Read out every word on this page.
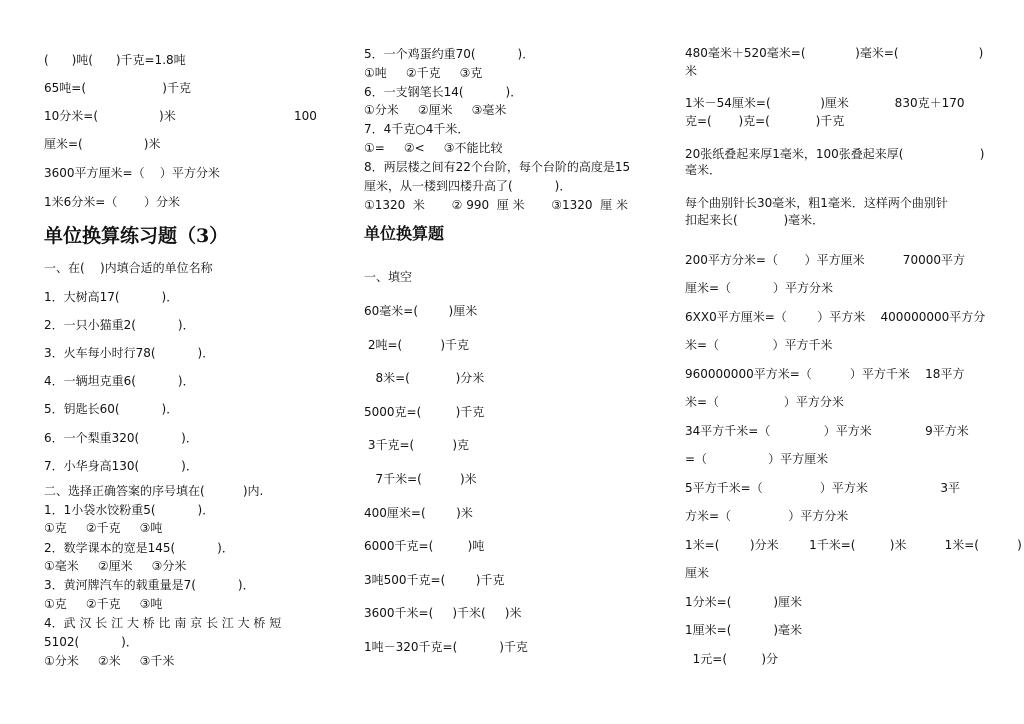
(      )吨(      )千克=1.8吨
65吨=(                    )千克
10分米=(                )米                               100
厘米=(                )米
3600平方厘米=（    ）平方分米
1米6分米=（       ）分米
单位换算练习题（3）
一、在(    )内填合适的单位名称
1．大树高17(           )．
2．一只小猫重2(           )．
3．火车每小时行78(           )．
4．一辆坦克重6(           )．
5．钥匙长60(           )．
6．一个梨重320(           )．
7．小华身高130(           )．
二、选择正确答案的序号填在(          )内.
1．1小袋水饺粉重5(           )．
①克     ②千克     ③吨
2．数学课本的宽是145(           )．
①毫米     ②厘米     ③分米
3．黄河牌汽车的载重量是7(           )．
①克     ②千克     ③吨
4．武 汉 长 江 大 桥 比 南 京 长 江 大 桥 短
5102(           )．
①分米     ②米     ③千米
5．一个鸡蛋约重70(           )．
①吨     ②千克     ③克
6．一支钢笔长14(           )．
①分米     ②厘米     ③毫米
7．4千克○4千米．
①=     ②<     ③不能比较
8．两层楼之间有22个台阶，每个台阶的高度是15
厘米，从一楼到四楼升高了(           )．
①1320  米       ② 990  厘 米       ③1320  厘 米
单位换算题
一、填空
60毫米=(        )厘米
2吨=(          )千克
8米=(            )分米
5000克=(         )千克
3千克=(          )克
7千米=(          )米
400厘米=(        )米
6000千克=(         )吨
3吨500千克=(        )千克
3600千米=(     )千米(     )米
1吨－320千克=(           )千克
480毫米＋520毫米=(             )毫米=(                     )
米
1米－54厘米=(             )厘米            830克＋170
克=(       )克=(            )千克
20张纸叠起来厚1毫米，100张叠起来厚(                    )
毫米．
每个曲别针长30毫米，粗1毫米．这样两个曲别针
扣起来长(            )毫米．
200平方分米=（       ）平方厘米          70000平方
厘米=（           ）平方分米
6XX0平方厘米=（        ）平方米    400000000平方分
米=（              ）平方千米
960000000平方米=（          ）平方千米    18平方
米=（                 ）平方分米
34平方千米=（              ）平方米              9平方米
=（                ）平方厘米
5平方千米=（               ）平方米                   3平
方米=（               ）平方分米
1米=(        )分米        1千米=(         )米          1米=(          )
厘米
1分米=(           )厘米
1厘米=(           )毫米
1元=(         )分
